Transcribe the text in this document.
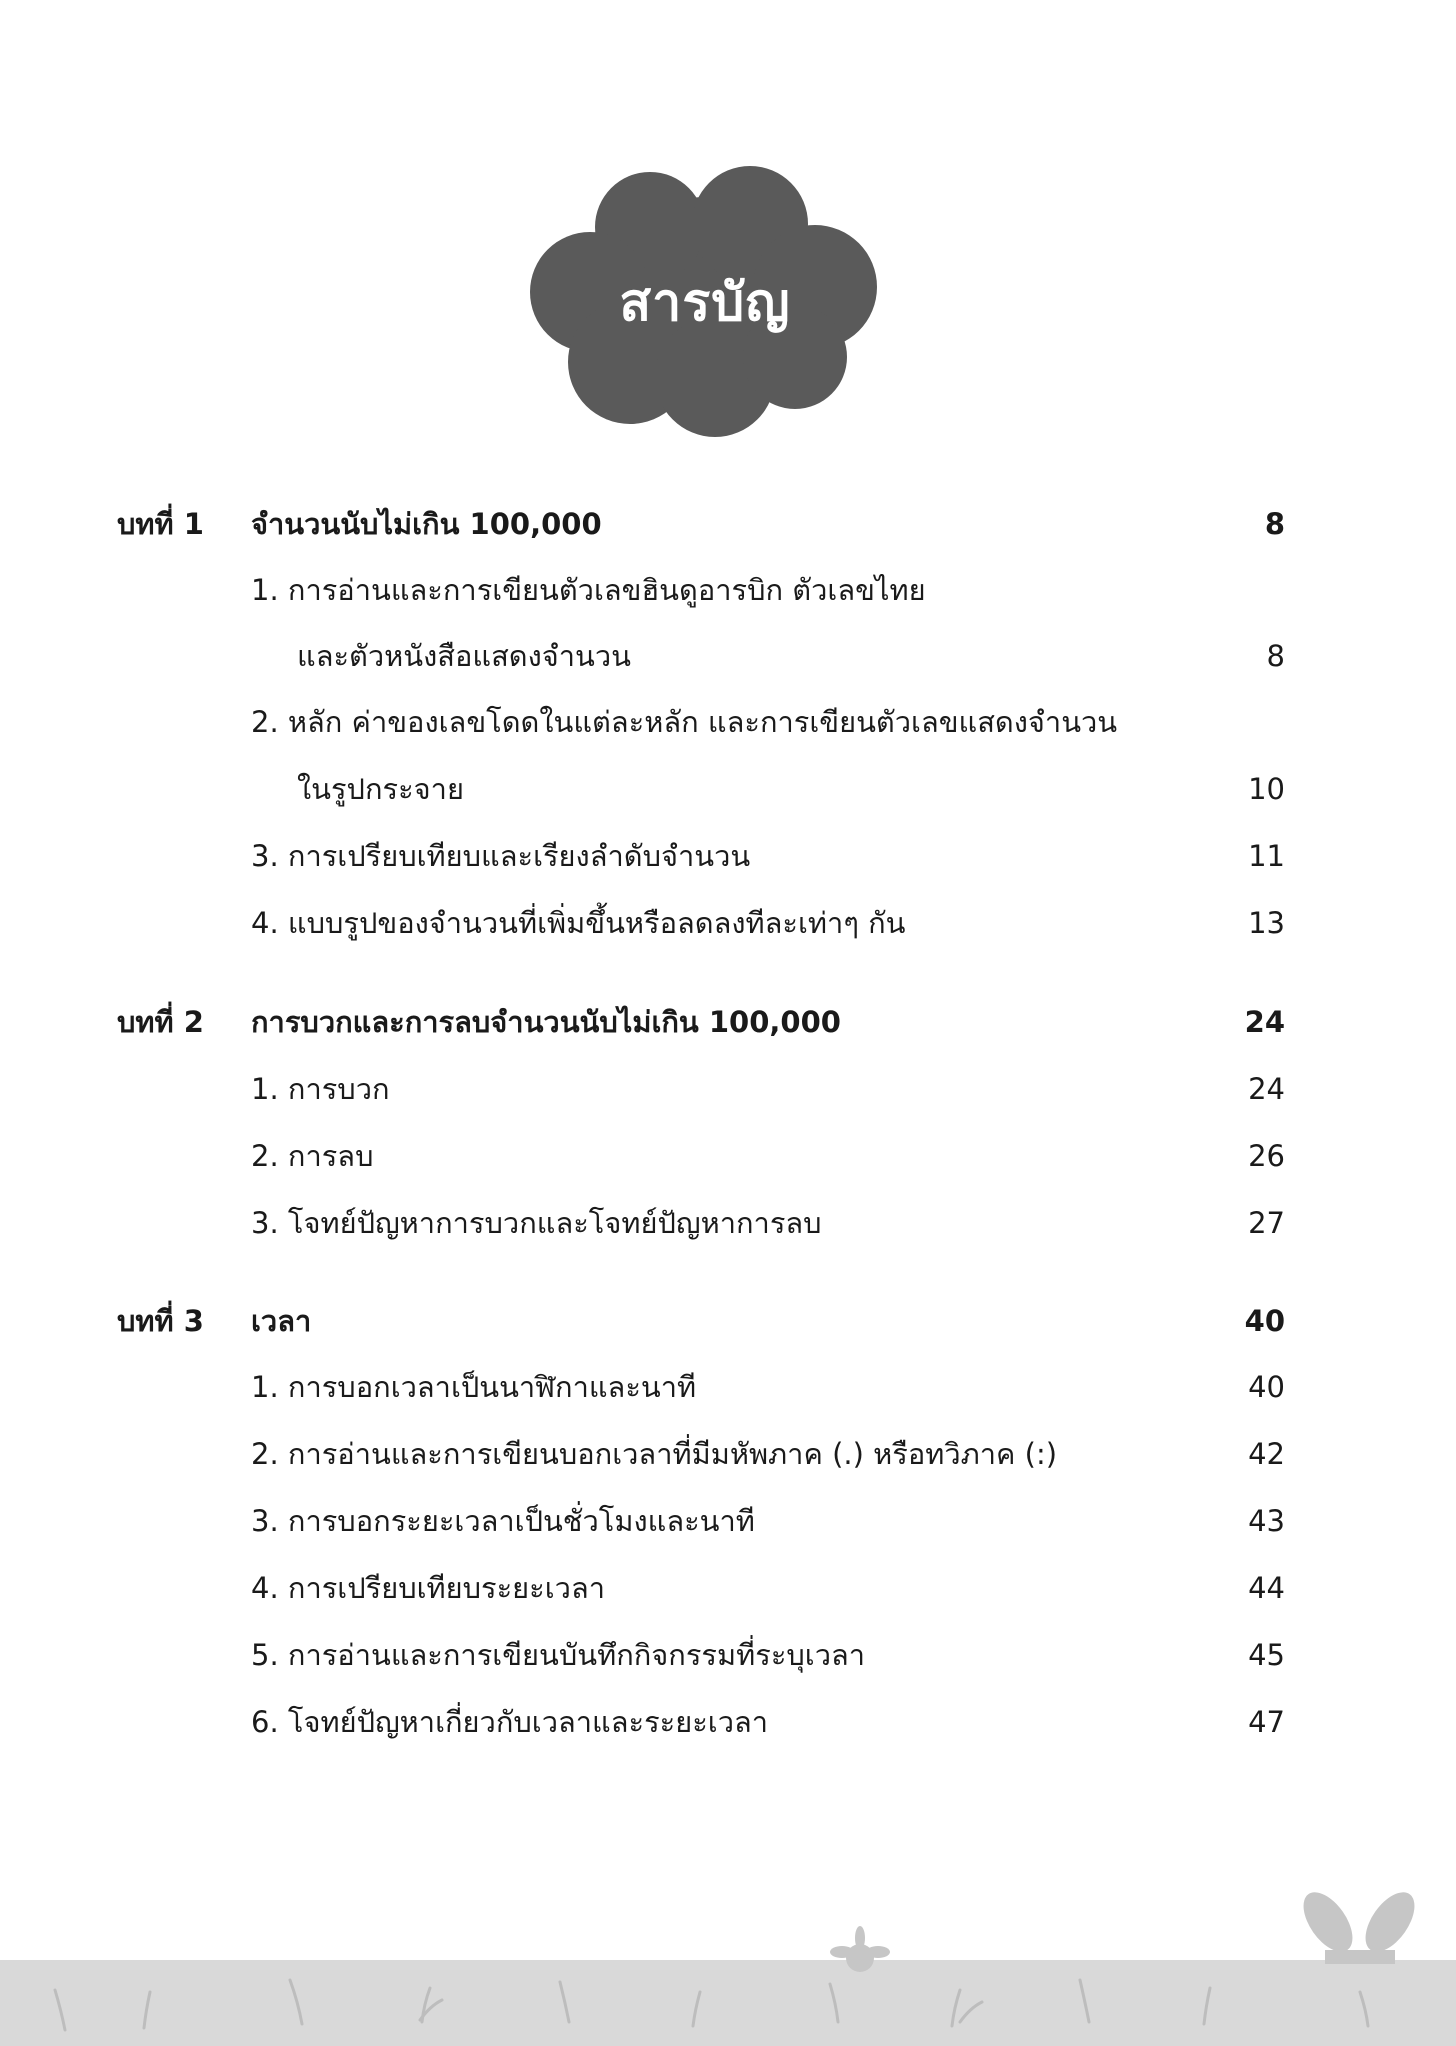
สารบัญ
บทที่ 1 จำนวนนับไม่เกิน 100,000	8
1. การอ่านและการเขียนตัวเลขฮินดูอารบิก ตัวเลขไทย
และตัวหนังสือแสดงจำนวน	8
2. หลัก ค่าของเลขโดดในแต่ละหลัก และการเขียนตัวเลขแสดงจำนวน
ในรูปกระจาย	10
3. การเปรียบเทียบและเรียงลำดับจำนวน	11
4. แบบรูปของจำนวนที่เพิ่มขึ้นหรือลดลงทีละเท่าๆ กัน	13
บทที่ 2 การบวกและการลบจำนวนนับไม่เกิน 100,000	24
1. การบวก	24
2. การลบ	26
3. โจทย์ปัญหาการบวกและโจทย์ปัญหาการลบ	27
บทที่ 3 เวลา	40
1. การบอกเวลาเป็นนาฬิกาและนาที	40
2. การอ่านและการเขียนบอกเวลาที่มีมหัพภาค (.) หรือทวิภาค (:)	42
3. การบอกระยะเวลาเป็นชั่วโมงและนาที	43
4. การเปรียบเทียบระยะเวลา	44
5. การอ่านและการเขียนบันทึกกิจกรรมที่ระบุเวลา	45
6. โจทย์ปัญหาเกี่ยวกับเวลาและระยะเวลา	47
